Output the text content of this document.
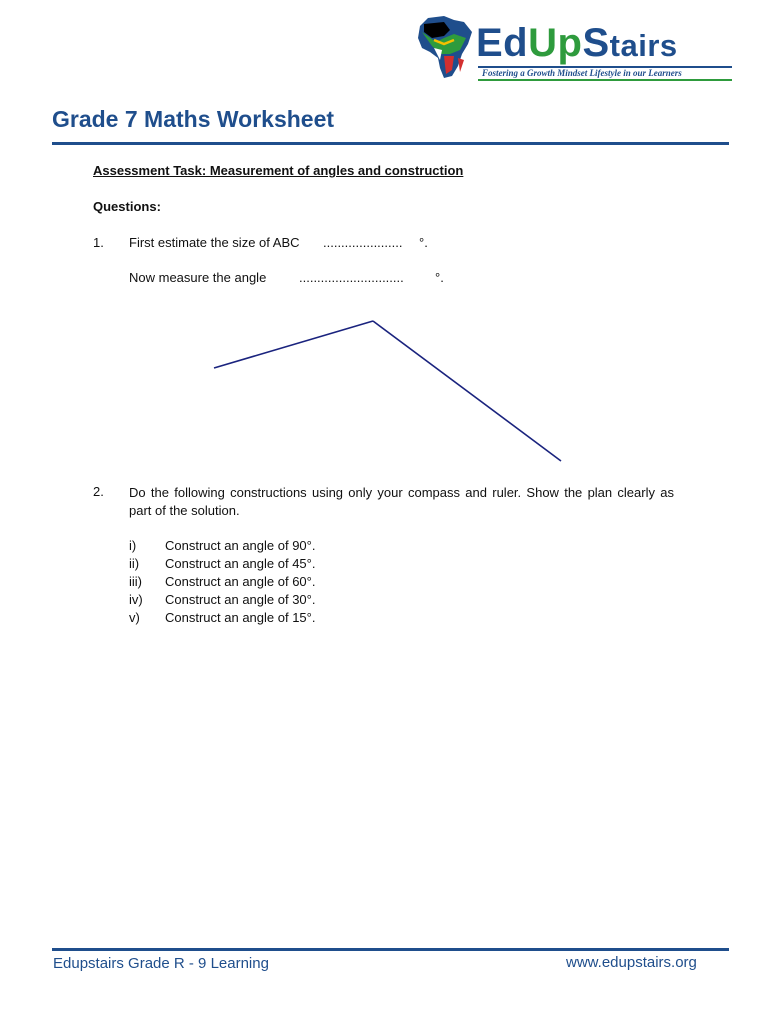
EdUpStairs
Fostering a Growth Mindset Lifestyle in our Learners
Grade 7 Maths Worksheet
Assessment Task: Measurement of angles and construction
Questions:
1. First estimate the size of ABC ...................... °.
Now measure the angle	............................. °.
2. Do the following constructions using only your compass and ruler. Show the plan clearly as part of the solution.
i) Construct an angle of 90°.
ii) Construct an angle of 45°.
iii) Construct an angle of 60°.
iv) Construct an angle of 30°.
v) Construct an angle of 15°.
Edupstairs Grade R - 9 Learning	www.edupstairs.org
